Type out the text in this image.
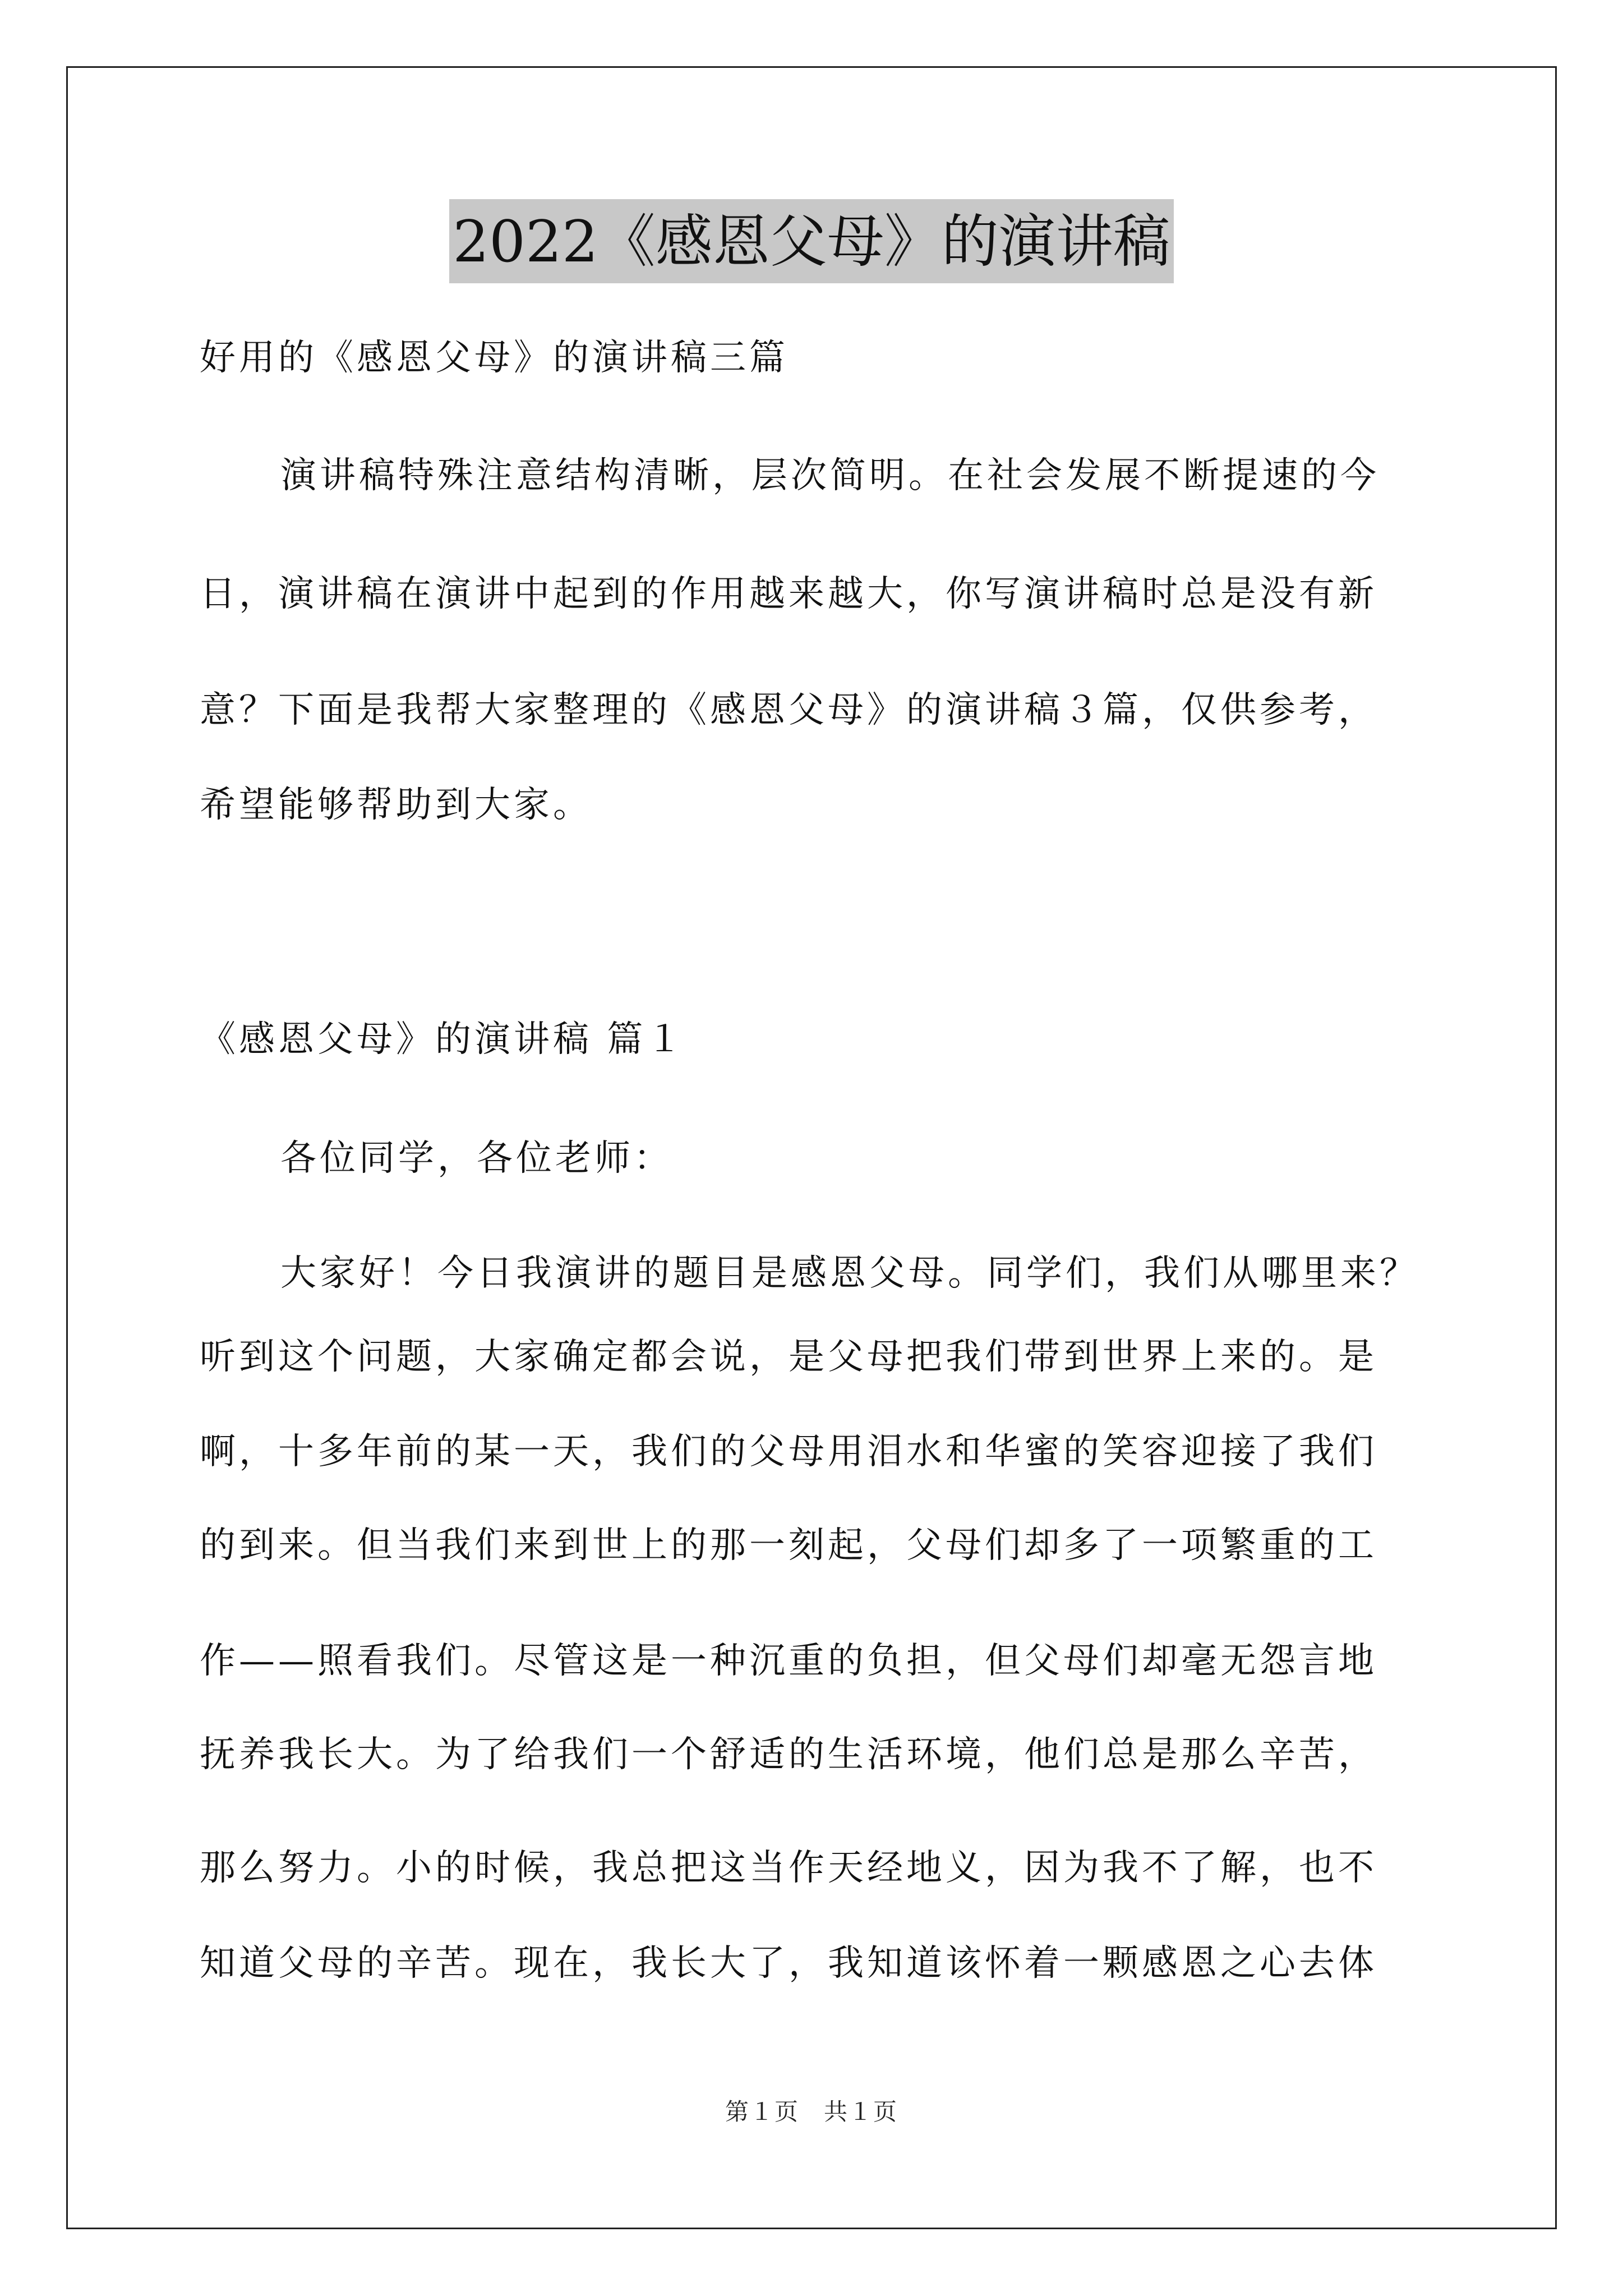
2022《感恩父母》的演讲稿
好用的《感恩父母》的演讲稿三篇
演讲稿特殊注意结构清晰，层次简明。在社会发展不断提速的今
日，演讲稿在演讲中起到的作用越来越大，你写演讲稿时总是没有新
意？下面是我帮大家整理的《感恩父母》的演讲稿３篇，仅供参考，
希望能够帮助到大家。
《感恩父母》的演讲稿 篇１
各位同学，各位老师：
大家好！今日我演讲的题目是感恩父母。同学们，我们从哪里来？
听到这个问题，大家确定都会说，是父母把我们带到世界上来的。是
啊，十多年前的某一天，我们的父母用泪水和华蜜的笑容迎接了我们
的到来。但当我们来到世上的那一刻起，父母们却多了一项繁重的工
作——照看我们。尽管这是一种沉重的负担，但父母们却毫无怨言地
抚养我长大。为了给我们一个舒适的生活环境，他们总是那么辛苦，
那么努力。小的时候，我总把这当作天经地义，因为我不了解，也不
知道父母的辛苦。现在，我长大了，我知道该怀着一颗感恩之心去体
第１页　共１页
